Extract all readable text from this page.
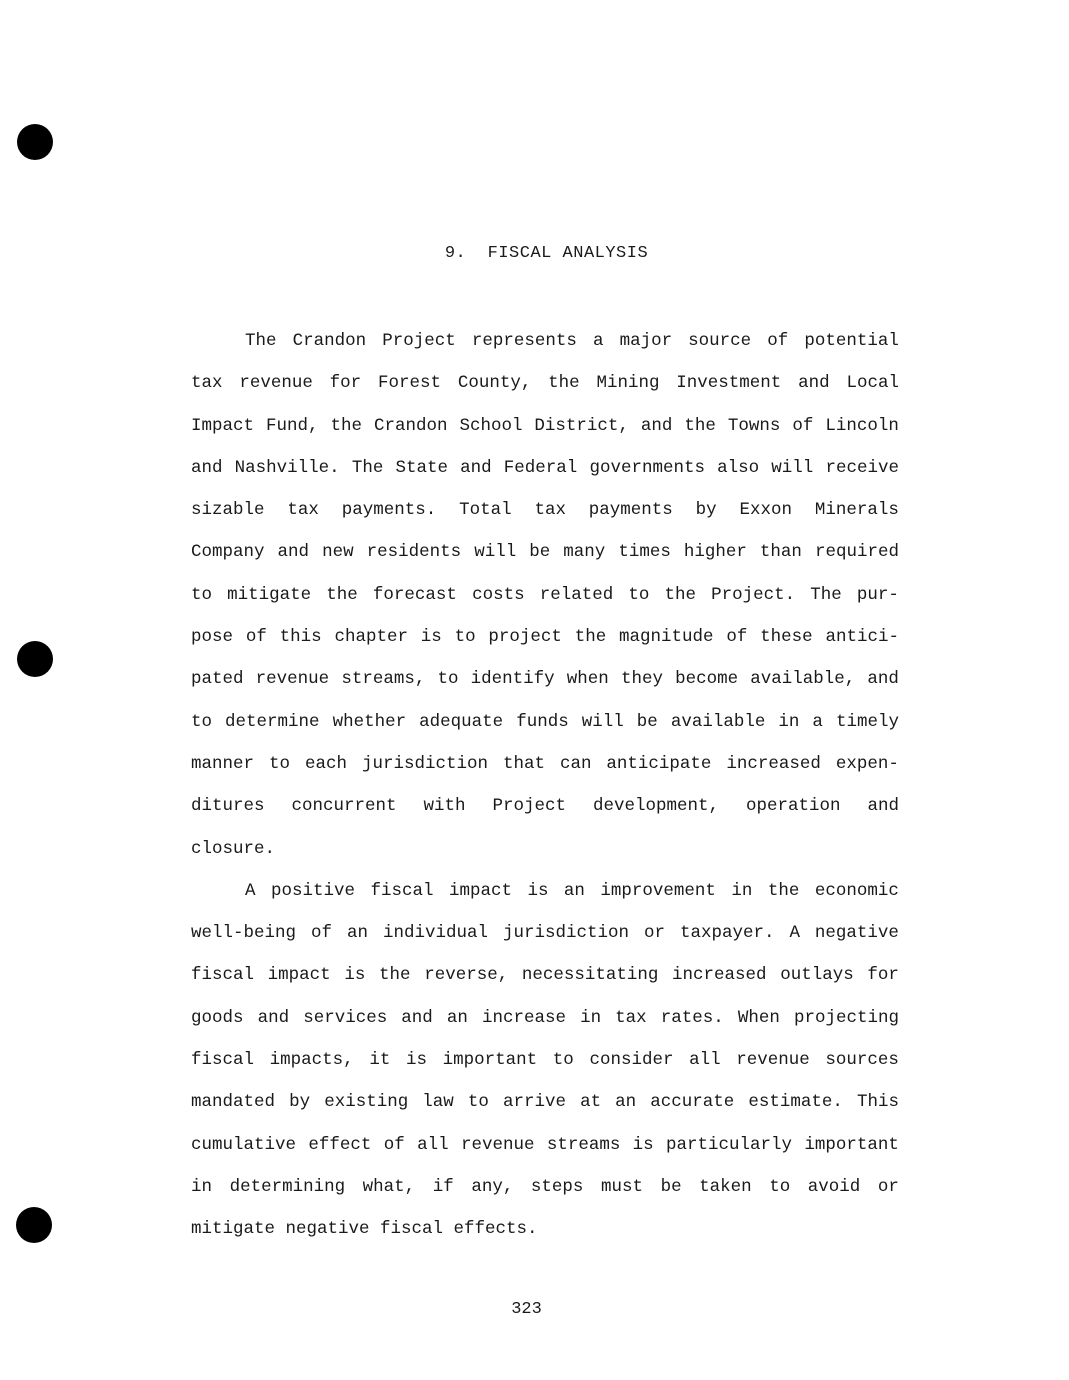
9.  FISCAL ANALYSIS
The Crandon Project represents a major source of potential
tax revenue for Forest County, the Mining Investment and Local
Impact Fund, the Crandon School District, and the Towns of Lincoln
and Nashville. The State and Federal governments also will receive
sizable tax payments. Total tax payments by Exxon Minerals
Company and new residents will be many times higher than required
to mitigate the forecast costs related to the Project. The pur-
pose of this chapter is to project the magnitude of these antici-
pated revenue streams, to identify when they become available, and
to determine whether adequate funds will be available in a timely
manner to each jurisdiction that can anticipate increased expen-
ditures concurrent with Project development, operation and
closure.
A positive fiscal impact is an improvement in the economic
well-being of an individual jurisdiction or taxpayer. A negative
fiscal impact is the reverse, necessitating increased outlays for
goods and services and an increase in tax rates. When projecting
fiscal impacts, it is important to consider all revenue sources
mandated by existing law to arrive at an accurate estimate. This
cumulative effect of all revenue streams is particularly important
in determining what, if any, steps must be taken to avoid or
mitigate negative fiscal effects.
323
